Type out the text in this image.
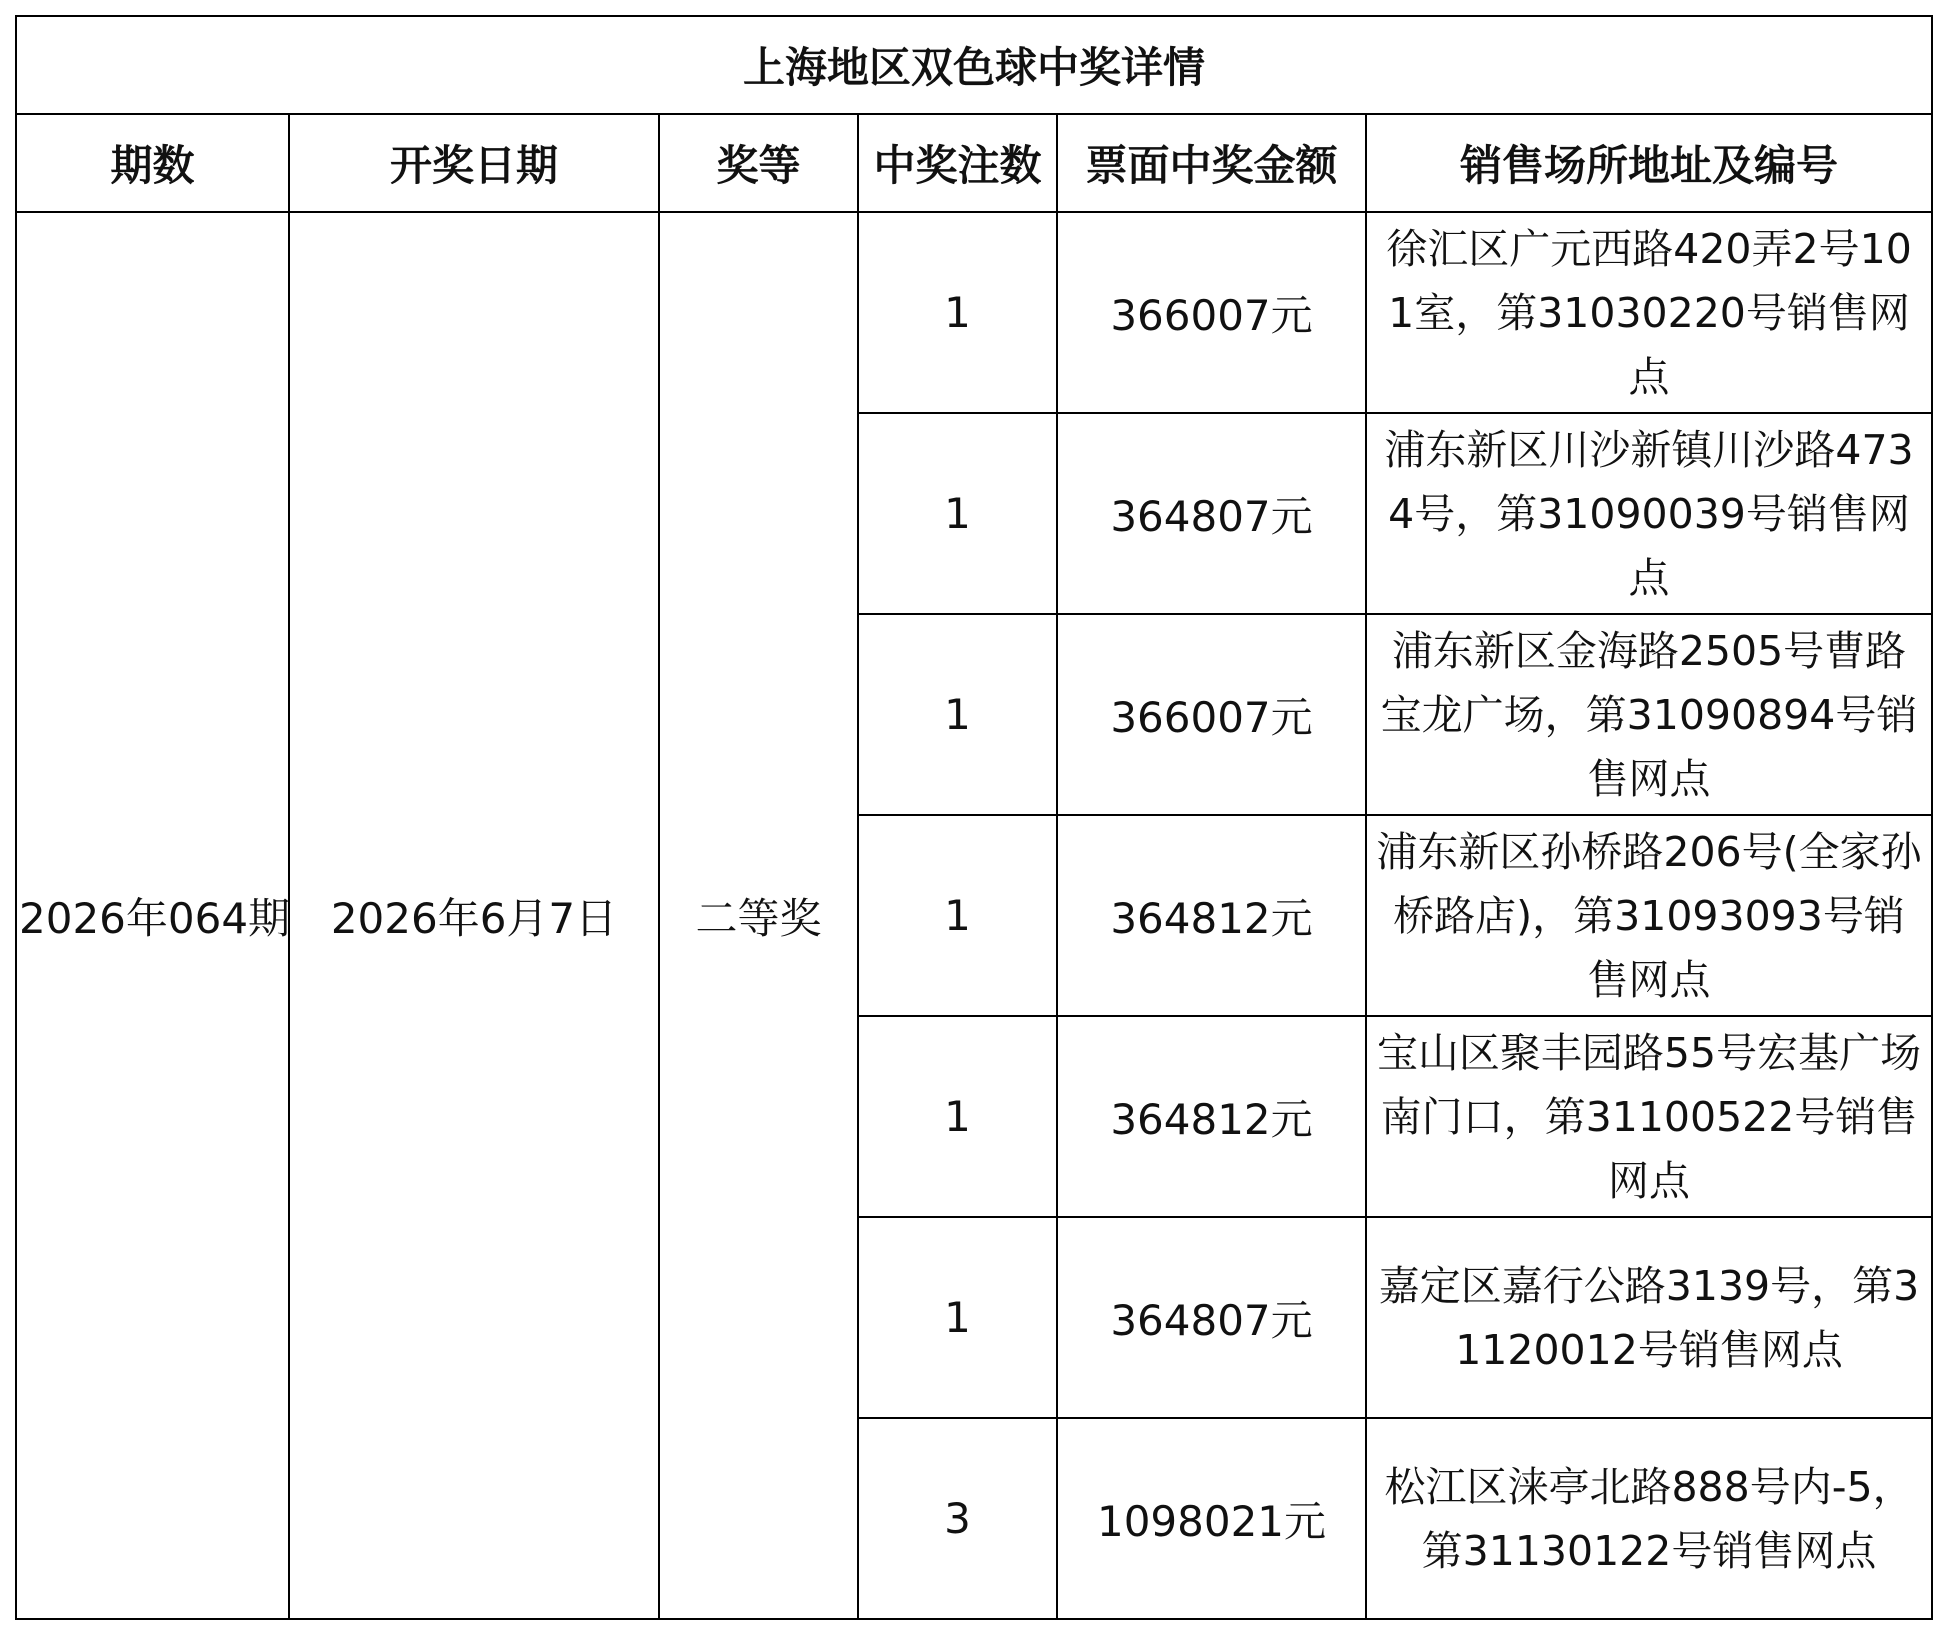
上海地区双色球中奖详情					
期数	开奖日期	奖等	中奖注数	票面中奖金额	销售场所地址及编号
2026年064期	2026年6月7日	二等奖	1	366007元	徐汇区广元西路420弄2号101室，第31030220号销售网点
			1	364807元	浦东新区川沙新镇川沙路4734号，第31090039号销售网点
			1	366007元	浦东新区金海路2505号曹路宝龙广场，第31090894号销售网点
			1	364812元	浦东新区孙桥路206号(全家孙桥路店)，第31093093号销售网点
			1	364812元	宝山区聚丰园路55号宏基广场南门口，第31100522号销售网点
			1	364807元	嘉定区嘉行公路3139号，第31120012号销售网点
			3	1098021元	松江区涞亭北路888号内-5，第31130122号销售网点
